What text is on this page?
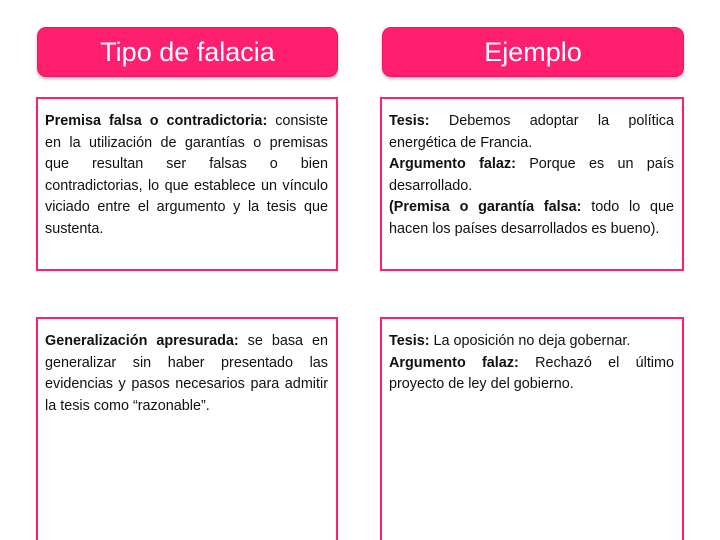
Tipo de falacia	Ejemplo
Premisa falsa o contradictoria: consiste en la utilización de garantías o premisas que resultan ser falsas o bien contradictorias, lo que establece un vínculo viciado entre el argumento y la tesis que sustenta.
Tesis: Debemos adoptar la política energética de Francia.
Argumento falaz: Porque es un país desarrollado.
(Premisa o garantía falsa: todo lo que hacen los países desarrollados es bueno).
Generalización apresurada: se basa en generalizar sin haber presentado las evidencias y pasos necesarios para admitir la tesis como “razonable”.
Tesis: La oposición no deja gobernar.
Argumento falaz: Rechazó el último proyecto de ley del gobierno.
